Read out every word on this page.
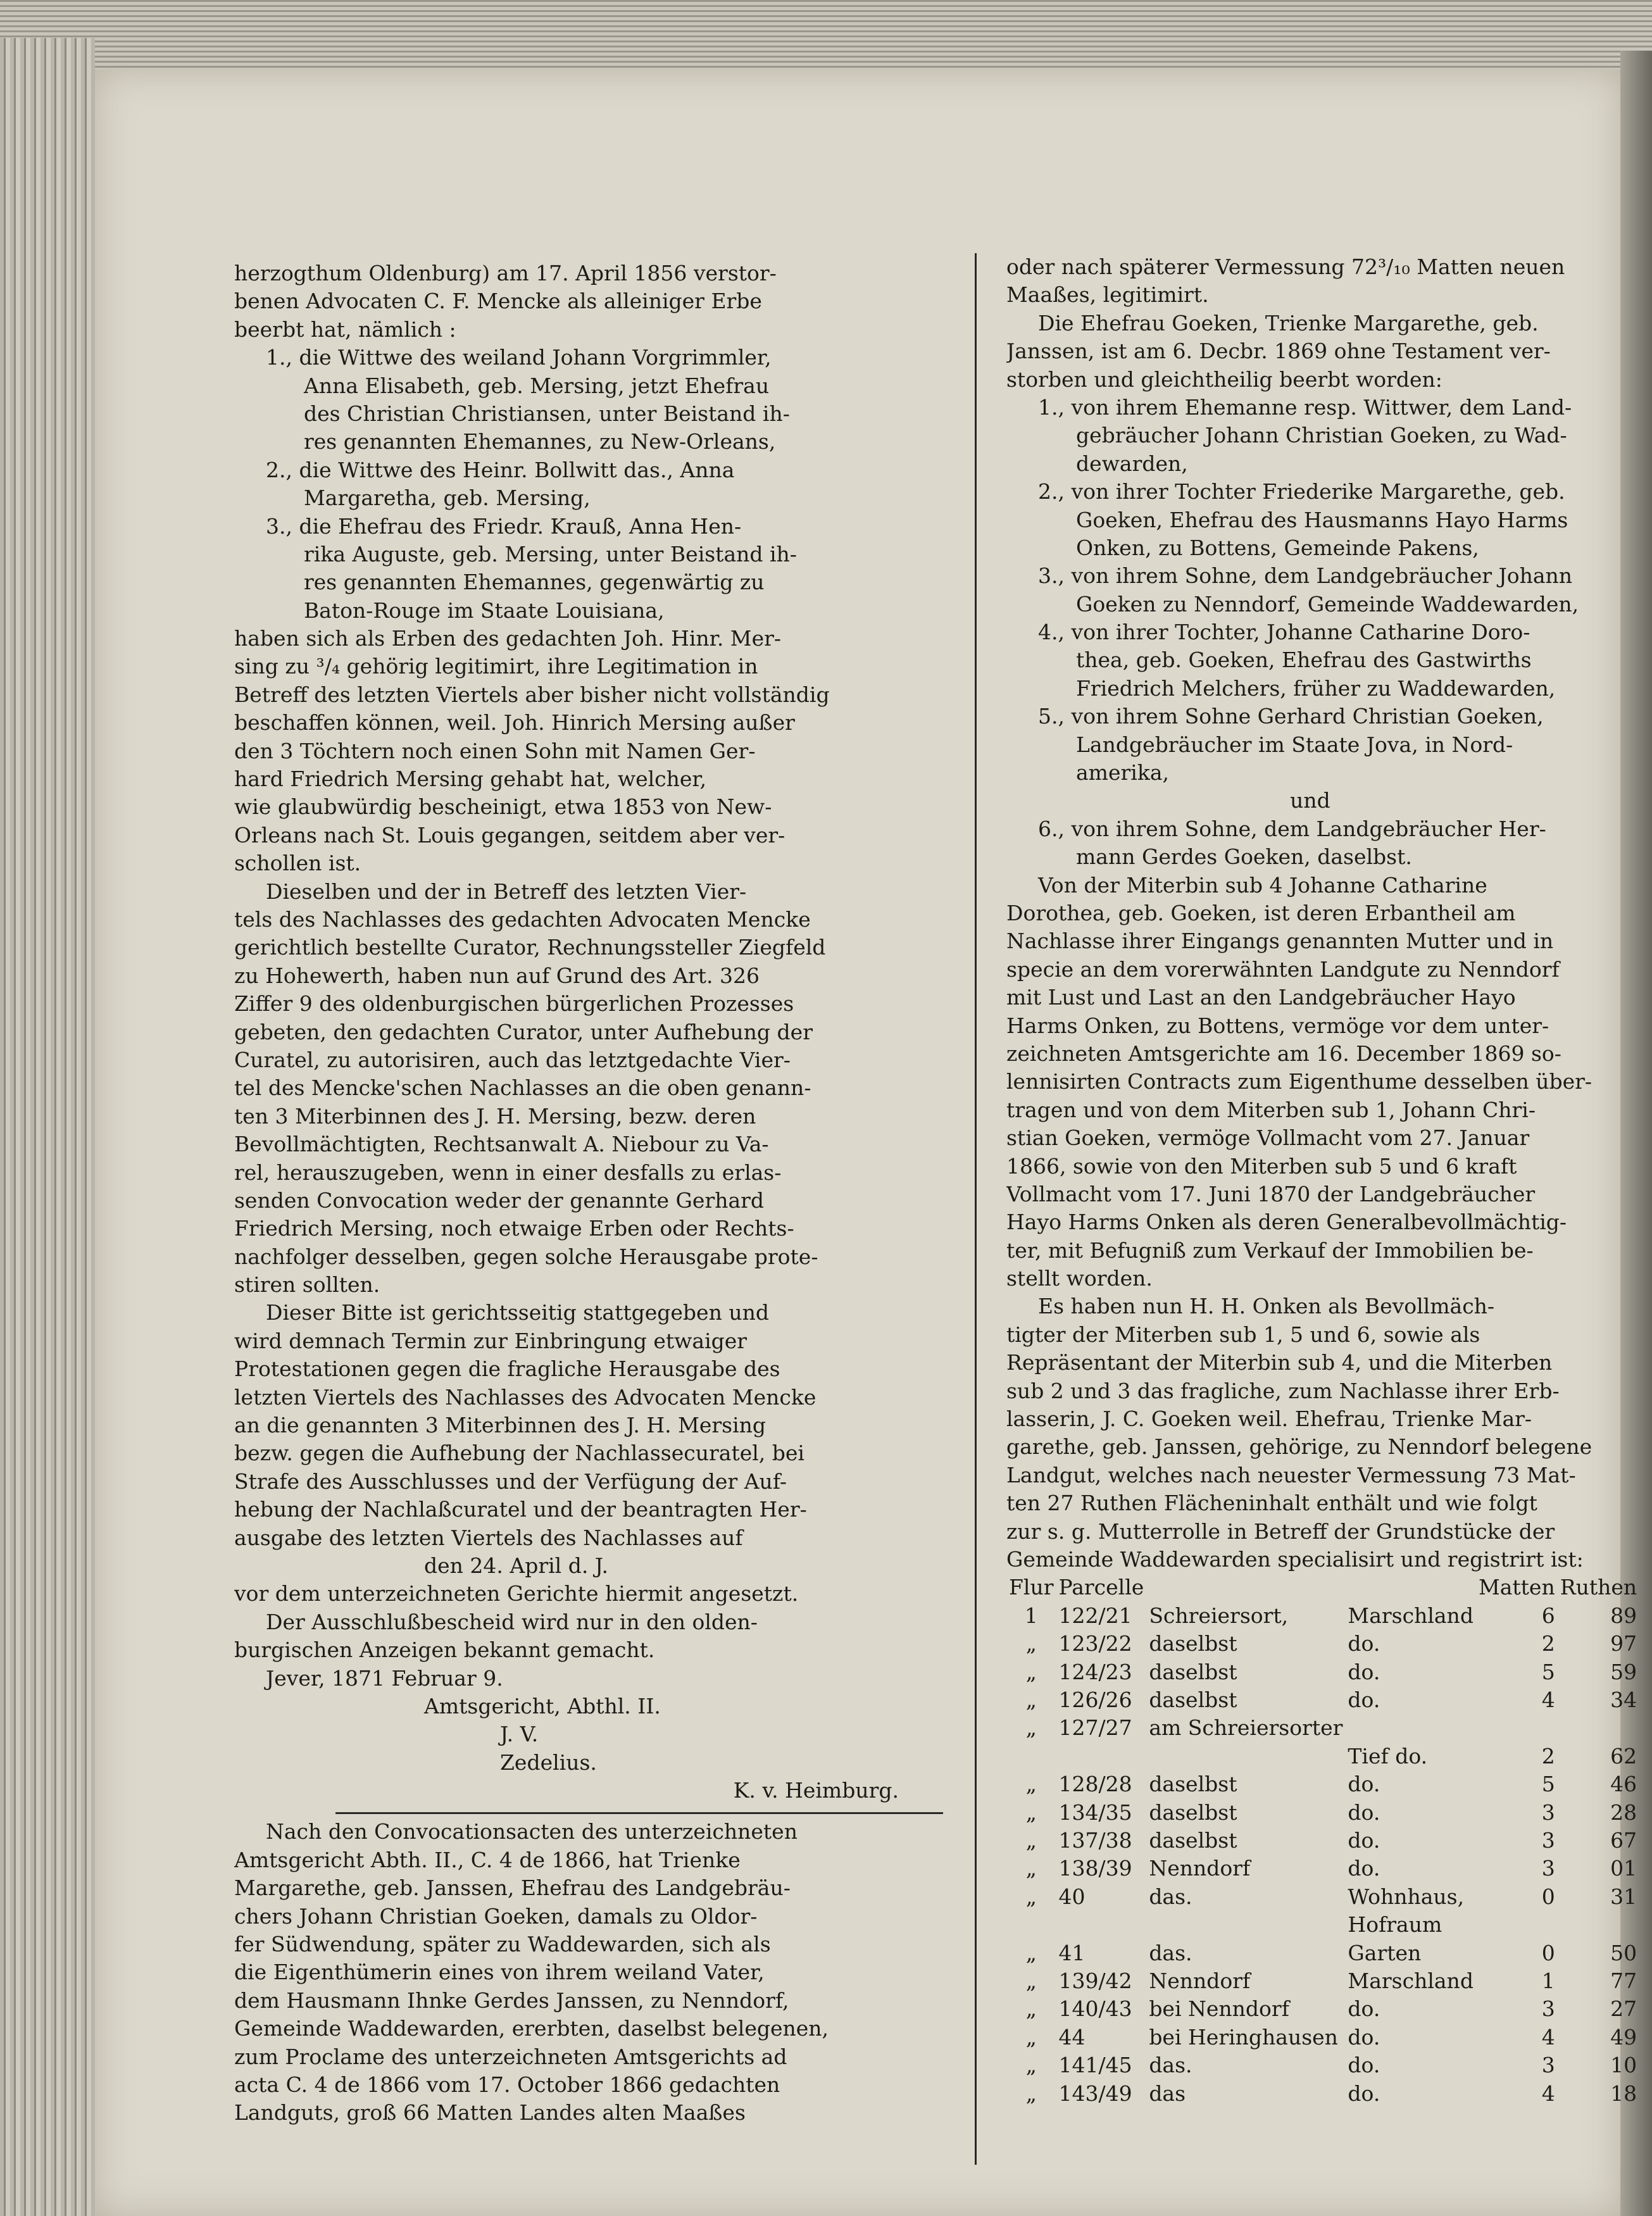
herzogthum Oldenburg) am 17. April 1856 verstor-
benen Advocaten C. F. Mencke als alleiniger Erbe
beerbt hat, nämlich :
1., die Wittwe des weiland Johann Vorgrimmler,
Anna Elisabeth, geb. Mersing, jetzt Ehefrau
des Christian Christiansen, unter Beistand ih-
res genannten Ehemannes, zu New-Orleans,
2., die Wittwe des Heinr. Bollwitt das., Anna
Margaretha, geb. Mersing,
3., die Ehefrau des Friedr. Krauß, Anna Hen-
rika Auguste, geb. Mersing, unter Beistand ih-
res genannten Ehemannes, gegenwärtig zu
Baton-Rouge im Staate Louisiana,
haben sich als Erben des gedachten Joh. Hinr. Mer-
sing zu ³/₄ gehörig legitimirt, ihre Legitimation in
Betreff des letzten Viertels aber bisher nicht vollständig
beschaffen können, weil. Joh. Hinrich Mersing außer
den 3 Töchtern noch einen Sohn mit Namen Ger-
hard Friedrich Mersing gehabt hat, welcher,
wie glaubwürdig bescheinigt, etwa 1853 von New-
Orleans nach St. Louis gegangen, seitdem aber ver-
schollen ist.
Dieselben und der in Betreff des letzten Vier-
tels des Nachlasses des gedachten Advocaten Mencke
gerichtlich bestellte Curator, Rechnungssteller Ziegfeld
zu Hohewerth, haben nun auf Grund des Art. 326
Ziffer 9 des oldenburgischen bürgerlichen Prozesses
gebeten, den gedachten Curator, unter Aufhebung der
Curatel, zu autorisiren, auch das letztgedachte Vier-
tel des Mencke'schen Nachlasses an die oben genann-
ten 3 Miterbinnen des J. H. Mersing, bezw. deren
Bevollmächtigten, Rechtsanwalt A. Niebour zu Va-
rel, herauszugeben, wenn in einer desfalls zu erlas-
senden Convocation weder der genannte Gerhard
Friedrich Mersing, noch etwaige Erben oder Rechts-
nachfolger desselben, gegen solche Herausgabe prote-
stiren sollten.
Dieser Bitte ist gerichtsseitig stattgegeben und
wird demnach Termin zur Einbringung etwaiger
Protestationen gegen die fragliche Herausgabe des
letzten Viertels des Nachlasses des Advocaten Mencke
an die genannten 3 Miterbinnen des J. H. Mersing
bezw. gegen die Aufhebung der Nachlassecuratel, bei
Strafe des Ausschlusses und der Verfügung der Auf-
hebung der Nachlaßcuratel und der beantragten Her-
ausgabe des letzten Viertels des Nachlasses auf
den 24. April d. J.
vor dem unterzeichneten Gerichte hiermit angesetzt.
Der Ausschlußbescheid wird nur in den olden-
burgischen Anzeigen bekannt gemacht.
Jever, 1871 Februar 9.
Amtsgericht, Abthl. II.
J. V.
Zedelius.
K. v. Heimburg.
Nach den Convocationsacten des unterzeichneten
Amtsgericht Abth. II., C. 4 de 1866, hat Trienke
Margarethe, geb. Janssen, Ehefrau des Landgebräu-
chers Johann Christian Goeken, damals zu Oldor-
fer Südwendung, später zu Waddewarden, sich als
die Eigenthümerin eines von ihrem weiland Vater,
dem Hausmann Ihnke Gerdes Janssen, zu Nenndorf,
Gemeinde Waddewarden, ererbten, daselbst belegenen,
zum Proclame des unterzeichneten Amtsgerichts ad
acta C. 4 de 1866 vom 17. October 1866 gedachten
Landguts, groß 66 Matten Landes alten Maaßes
oder nach späterer Vermessung 72³/₁₀ Matten neuen
Maaßes, legitimirt.
Die Ehefrau Goeken, Trienke Margarethe, geb.
Janssen, ist am 6. Decbr. 1869 ohne Testament ver-
storben und gleichtheilig beerbt worden:
1., von ihrem Ehemanne resp. Wittwer, dem Land-
gebräucher Johann Christian Goeken, zu Wad-
dewarden,
2., von ihrer Tochter Friederike Margarethe, geb.
Goeken, Ehefrau des Hausmanns Hayo Harms
Onken, zu Bottens, Gemeinde Pakens,
3., von ihrem Sohne, dem Landgebräucher Johann
Goeken zu Nenndorf, Gemeinde Waddewarden,
4., von ihrer Tochter, Johanne Catharine Doro-
thea, geb. Goeken, Ehefrau des Gastwirths
Friedrich Melchers, früher zu Waddewarden,
5., von ihrem Sohne Gerhard Christian Goeken,
Landgebräucher im Staate Jova, in Nord-
amerika,
und
6., von ihrem Sohne, dem Landgebräucher Her-
mann Gerdes Goeken, daselbst.
Von der Miterbin sub 4 Johanne Catharine
Dorothea, geb. Goeken, ist deren Erbantheil am
Nachlasse ihrer Eingangs genannten Mutter und in
specie an dem vorerwähnten Landgute zu Nenndorf
mit Lust und Last an den Landgebräucher Hayo
Harms Onken, zu Bottens, vermöge vor dem unter-
zeichneten Amtsgerichte am 16. December 1869 so-
lennisirten Contracts zum Eigenthume desselben über-
tragen und von dem Miterben sub 1, Johann Chri-
stian Goeken, vermöge Vollmacht vom 27. Januar
1866, sowie von den Miterben sub 5 und 6 kraft
Vollmacht vom 17. Juni 1870 der Landgebräucher
Hayo Harms Onken als deren Generalbevollmächtig-
ter, mit Befugniß zum Verkauf der Immobilien be-
stellt worden.
Es haben nun H. H. Onken als Bevollmäch-
tigter der Miterben sub 1, 5 und 6, sowie als
Repräsentant der Miterbin sub 4, und die Miterben
sub 2 und 3 das fragliche, zum Nachlasse ihrer Erb-
lasserin, J. C. Goeken weil. Ehefrau, Trienke Mar-
garethe, geb. Janssen, gehörige, zu Nenndorf belegene
Landgut, welches nach neuester Vermessung 73 Mat-
ten 27 Ruthen Flächeninhalt enthält und wie folgt
zur s. g. Mutterrolle in Betreff der Grundstücke der
Gemeinde Waddewarden specialisirt und registrirt ist:
Flur	Parcelle			Matten	Ruthen
1	122/21	Schreiersort,	Marschland	6	89
„	123/22	daselbst	do.	2	97
„	124/23	daselbst	do.	5	59
„	126/26	daselbst	do.	4	34
„	127/27	am Schreiersorter			
			Tief do.	2	62
„	128/28	daselbst	do.	5	46
„	134/35	daselbst	do.	3	28
„	137/38	daselbst	do.	3	67
„	138/39	Nenndorf	do.	3	01
„	40	das.	Wohnhaus,	0	31
			Hofraum		
„	41	das.	Garten	0	50
„	139/42	Nenndorf	Marschland	1	77
„	140/43	bei Nenndorf	do.	3	27
„	44	bei Heringhausen	do.	4	49
„	141/45	das.	do.	3	10
„	143/49	das	do.	4	18
